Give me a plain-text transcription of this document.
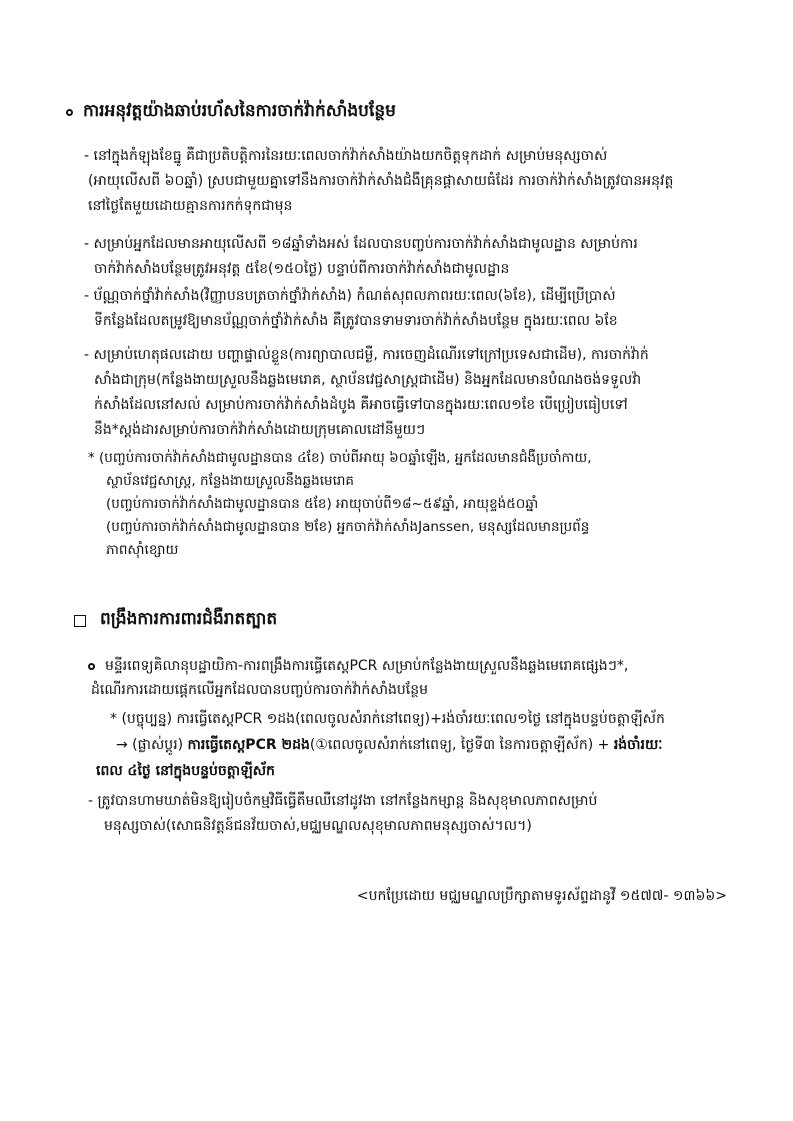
ការអនុវត្តយ៉ាងឆាប់រហ័សនៃការចាក់វ៉ាក់សាំងបន្ថែម
- នៅក្នុងកំឡុងខែធ្នូ គឺជាប្រតិបត្តិការនៃរយៈពេលចាក់វ៉ាក់សាំងយ៉ាងយកចិត្តទុកដាក់ សម្រាប់មនុស្សចាស់
(អាយុលើសពី ៦០ឆ្នាំ) ស្របជាមួយគ្នាទៅនឹងការចាក់វ៉ាក់សាំងជំងឺគ្រុនផ្តាសាយធំដែរ ការចាក់វ៉ាក់សាំងត្រូវបានអនុវត្ត
នៅថ្ងៃតែមួយដោយគ្មានការកក់ទុកជាមុន
- សម្រាប់អ្នកដែលមានអាយុលើសពី ១៨ឆ្នាំទាំងអស់ ដែលបានបញ្ចប់ការចាក់វ៉ាក់សាំងជាមូលដ្ឋាន សម្រាប់ការ
ចាក់វ៉ាក់សាំងបន្ថែមត្រូវអនុវត្ត ៥ខែ(១៥០ថ្ងៃ) បន្ទាប់ពីការចាក់វ៉ាក់សាំងជាមូលដ្ឋាន
- ប័ណ្ណចាក់ថ្នាំវ៉ាក់សាំង(វិញ្ញាបនបត្រចាក់ថ្នាំវ៉ាក់សាំង) កំណត់សុពលភាពរយៈពេល(៦ខែ), ដើម្បីប្រើប្រាស់
ទីកន្លែងដែលតម្រូវឱ្យមានប័ណ្ណចាក់ថ្នាំវ៉ាក់សាំង គឺត្រូវបានទាមទារចាក់វ៉ាក់សាំងបន្ថែម ក្នុងរយៈពេល ៦ខែ
- សម្រាប់ហេតុផលដោយ បញ្ហាផ្ទាល់ខ្លួន(ការព្យាបាលជម្ងឺ, ការចេញដំណើរទៅក្រៅប្រទេសជាដើម), ការចាក់វ៉ាក់
សាំងជាក្រុម(កន្លែងងាយស្រួលនឹងឆ្លងមេរោគ, ស្ថាប័នវេជ្ជសាស្ត្រជាដើម) និងអ្នកដែលមានបំណងចង់ទទួលវ៉ា
ក់សាំងដែលនៅសល់ សម្រាប់ការចាក់វ៉ាក់សាំងដំបូង គឺអាចធ្វើទៅបានក្នុងរយៈពេល១ខែ បើប្រៀបធៀបទៅ
នឹង*ស្តង់ដារសម្រាប់ការចាក់វ៉ាក់សាំងដោយក្រុមគោលដៅនីមួយៗ
* (បញ្ចប់ការចាក់វ៉ាក់សាំងជាមូលដ្ឋានបាន ៤ខែ) ចាប់ពីអាយុ ៦០ឆ្នាំឡើង, អ្នកដែលមានជំងឺប្រចាំកាយ,
ស្ថាប័នវេជ្ជសាស្ត្រ, កន្លែងងាយស្រួលនឹងឆ្លងមេរោគ
(បញ្ចប់ការចាក់វ៉ាក់សាំងជាមូលដ្ឋានបាន ៥ខែ) អាយុចាប់ពី១៨~៥៩ឆ្នាំ, អាយុខ្ទង់៥០ឆ្នាំ
(បញ្ចប់ការចាក់វ៉ាក់សាំងជាមូលដ្ឋានបាន ២ខែ) អ្នកចាក់វ៉ាក់សាំងJanssen, មនុស្សដែលមានប្រព័ន្ធ
ភាពស៊ាំខ្សោយ
ពង្រឹងការការពារជំងឺរាតត្បាត
មន្ទីរពេទ្យគិលានុបដ្ឋាយិកា-ការពង្រឹងការធ្វើតេស្តPCR សម្រាប់កន្លែងងាយស្រួលនឹងឆ្លងមេរោគផ្សេងៗ*,
ដំណើរការដោយផ្តេកលើអ្នកដែលបានបញ្ចប់ការចាក់វ៉ាក់សាំងបន្ថែម
* (បច្ចុប្បន្ន) ការធ្វើតេស្តPCR ១ដង(ពេលចូលសំរាក់នៅពេទ្យ)+រង់ចាំរយៈពេល១ថ្ងៃ នៅក្នុងបន្ទប់ចត្តាឡីស័ក
→ (ផ្លាស់ប្តូរ) ការធ្វើតេស្តPCR ២ដង(①ពេលចូលសំរាក់នៅពេទ្យ, ថ្ងៃទី៣ នៃការចត្តាឡីស័ក) + រង់ចាំរយៈ
ពេល ៤ថ្ងៃ នៅក្នុងបន្ទប់ចត្តាឡីស័ក
- ត្រូវបានហាមឃាត់មិនឱ្យរៀបចំកម្មវិធីធ្វើតឹមឈឺនៅដូវងា នៅកន្លែងកម្សាន្ត និងសុខុមាលភាពសម្រាប់
មនុស្សចាស់(សោធនិវត្តន៍ជនវ័យចាស់,មជ្ឈមណ្ឌលសុខុមាលភាពមនុស្សចាស់។ល។)
<បកប្រែដោយ មជ្ឈមណ្ឌលប្រឹក្សាតាមទូរស័ព្ទដានូវី ១៥៧៧- ១៣៦៦>
